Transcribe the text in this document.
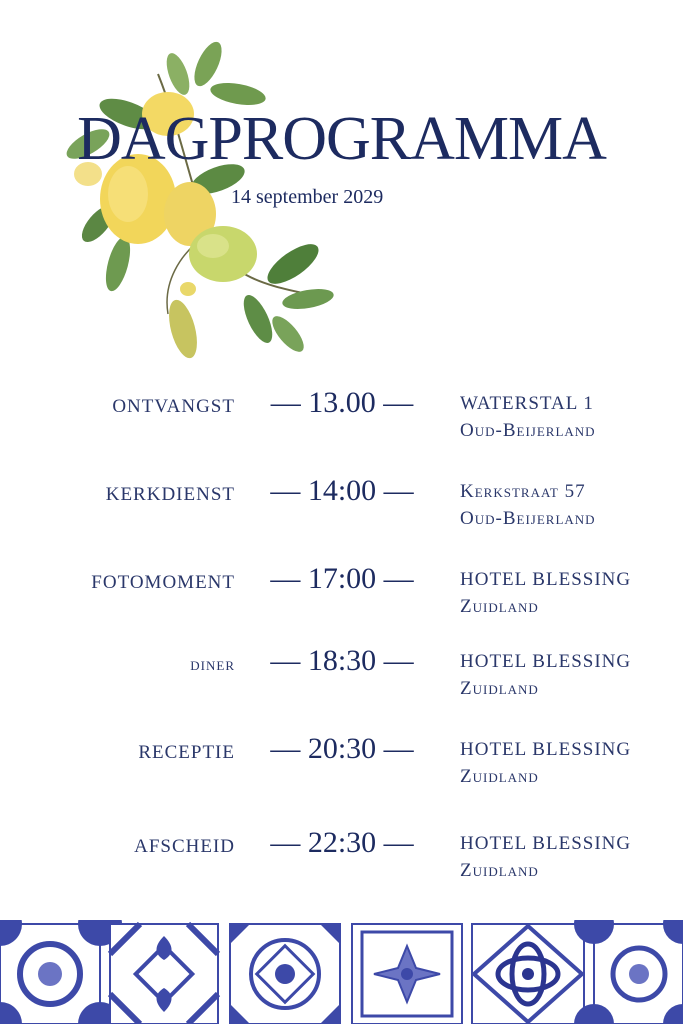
DAGPROGRAMMA
14 september 2029
ONTVANGST	— 13.00 —	WATERSTAL 1
Oud-Beijerland
KERKDIENST	— 14:00 —	Kerkstraat 57
Oud-Beijerland
FOTOMOMENT	— 17:00 —	HOTEL BLESSING
Zuidland
diner	— 18:30 —	HOTEL BLESSING
Zuidland
RECEPTIE	— 20:30 —	HOTEL BLESSING
Zuidland
AFSCHEID	— 22:30 —	HOTEL BLESSING
Zuidland
